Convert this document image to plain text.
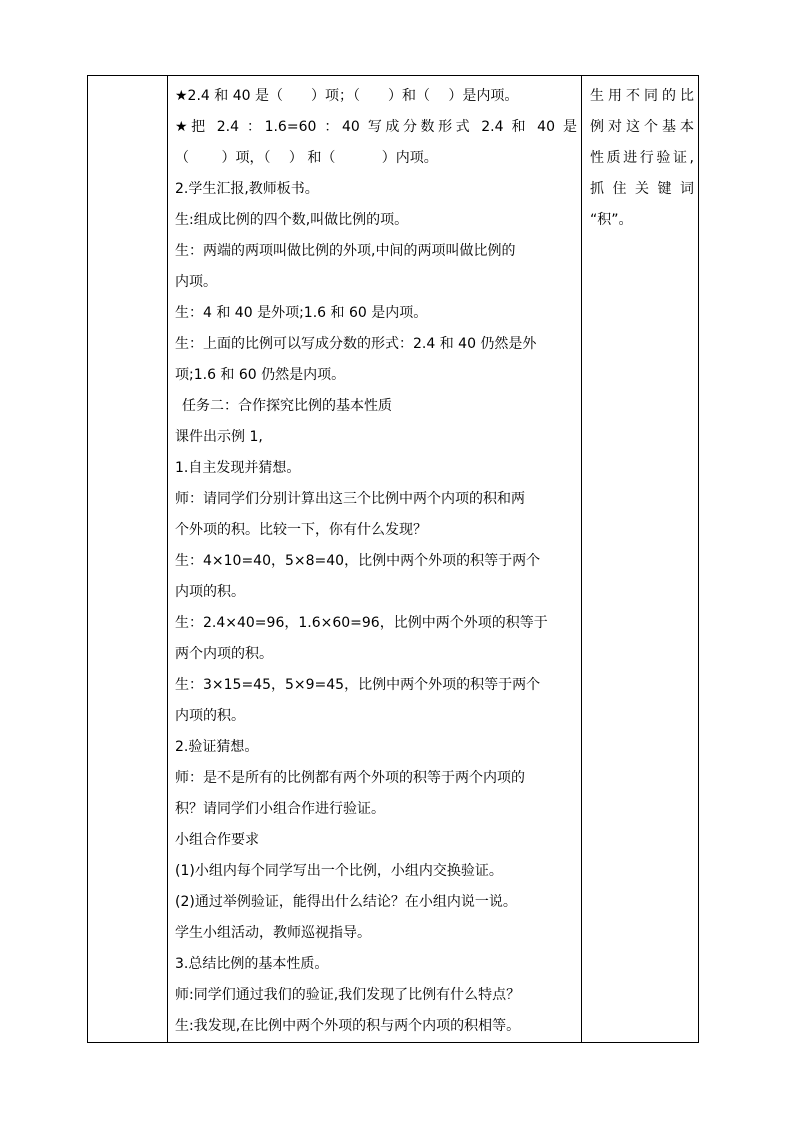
★2.4 和 40 是（　　）项；（　　）和（　 ）是内项。
★把 2.4 ：1.6=60 ：40 写成分数形式 2.4 和 40 是
（　　 ）项，（　 ） 和（　　　 ）内项。
2.学生汇报,教师板书。
生:组成比例的四个数,叫做比例的项。
生：两端的两项叫做比例的外项,中间的两项叫做比例的
内项。
生：4 和 40 是外项;1.6 和 60 是内项。
生：上面的比例可以写成分数的形式：2.4 和 40 仍然是外
项;1.6 和 60 仍然是内项。
任务二：合作探究比例的基本性质
课件出示例 1,
1.自主发现并猜想。
师：请同学们分别计算出这三个比例中两个内项的积和两
个外项的积。比较一下，你有什么发现？
生：4×10=40，5×8=40，比例中两个外项的积等于两个
内项的积。
生：2.4×40=96，1.6×60=96，比例中两个外项的积等于
两个内项的积。
生：3×15=45，5×9=45，比例中两个外项的积等于两个
内项的积。
2.验证猜想。
师：是不是所有的比例都有两个外项的积等于两个内项的
积？请同学们小组合作进行验证。
小组合作要求
(1)小组内每个同学写出一个比例，小组内交换验证。
(2)通过举例验证，能得出什么结论？在小组内说一说。
学生小组活动，教师巡视指导。
3.总结比例的基本性质。
师:同学们通过我们的验证,我们发现了比例有什么特点？
生:我发现,在比例中两个外项的积与两个内项的积相等。
生用不同的比
例对这个基本
性质进行验证,
抓住关键词
“积”。
